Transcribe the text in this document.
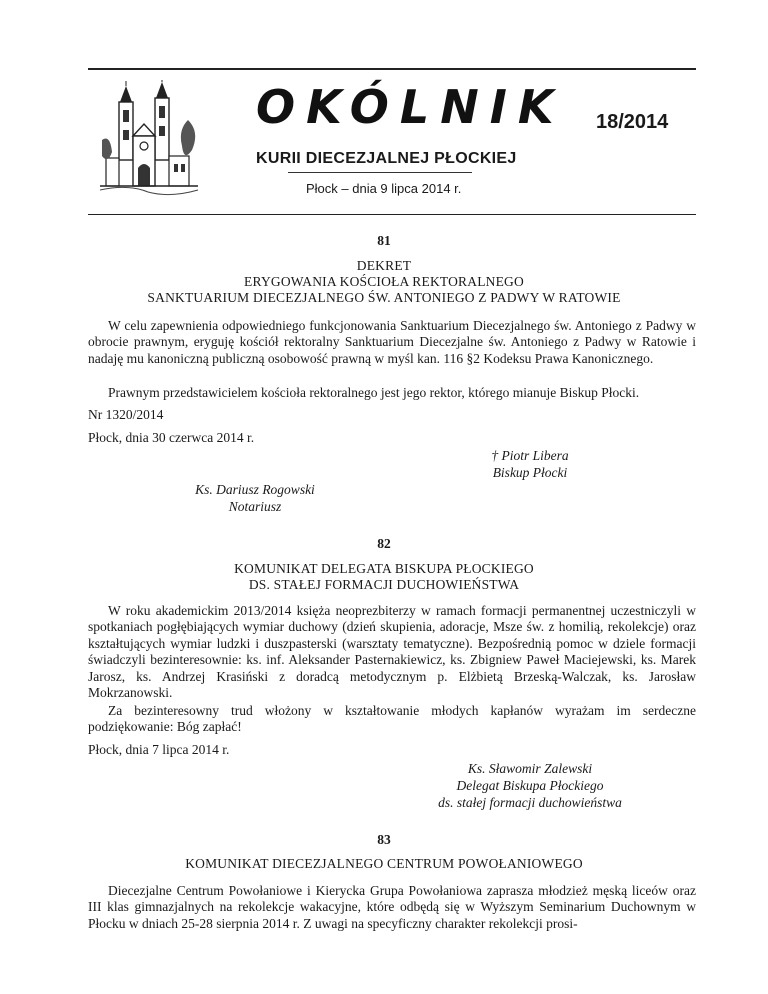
OKÓLNIK 18/2014
KURII DIECEZJALNEJ PŁOCKIEJ
Płock – dnia 9 lipca 2014 r.
81
DEKRET
ERYGOWANIA KOŚCIOŁA REKTORALNEGO
SANKTUARIUM DIECEZJALNEGO ŚW. ANTONIEGO Z PADWY W RATOWIE
W celu zapewnienia odpowiedniego funkcjonowania Sanktuarium Diecezjalnego św. Antoniego z Padwy w obrocie prawnym, eryguję kościół rektoralny Sanktuarium Diecezjalne św. Antoniego z Padwy w Ratowie i nadaję mu kanoniczną publiczną osobowość prawną w myśl kan. 116 §2 Kodeksu Prawa Kanonicznego.
Prawnym przedstawicielem kościoła rektoralnego jest jego rektor, którego mianuje Biskup Płocki.
Nr 1320/2014
Płock, dnia 30 czerwca 2014 r.
† Piotr Libera
Biskup Płocki
Ks. Dariusz Rogowski
Notariusz
82
KOMUNIKAT DELEGATA BISKUPA PŁOCKIEGO
DS. STAŁEJ FORMACJI DUCHOWIEŃSTWA
W roku akademickim 2013/2014 księża neoprezbiterzy w ramach formacji permanentnej uczestniczyli w spotkaniach pogłębiających wymiar duchowy (dzień skupienia, adoracje, Msze św. z homilią, rekolekcje) oraz kształtujących wymiar ludzki i duszpasterski (warsztaty tematyczne). Bezpośrednią pomoc w dziele formacji świadczyli bezinteresownie: ks. inf. Aleksander Pasternakiewicz, ks. Zbigniew Paweł Maciejewski, ks. Marek Jarosz, ks. Andrzej Krasiński z doradcą metodycznym p. Elżbietą Brzeską-Walczak, ks. Jarosław Mokrzanowski.
Za bezinteresowny trud włożony w kształtowanie młodych kapłanów wyrażam im serdeczne podziękowanie: Bóg zapłać!
Płock, dnia 7 lipca 2014 r.
Ks. Sławomir Zalewski
Delegat Biskupa Płockiego
ds. stałej formacji duchowieństwa
83
KOMUNIKAT DIECEZJALNEGO CENTRUM POWOŁANIOWEGO
Diecezjalne Centrum Powołaniowe i Kierycka Grupa Powołaniowa zaprasza młodzież męską liceów oraz III klas gimnazjalnych na rekolekcje wakacyjne, które odbędą się w Wyższym Seminarium Duchownym w Płocku w dniach 25-28 sierpnia 2014 r. Z uwagi na specyficzny charakter rekolekcji prosi-
